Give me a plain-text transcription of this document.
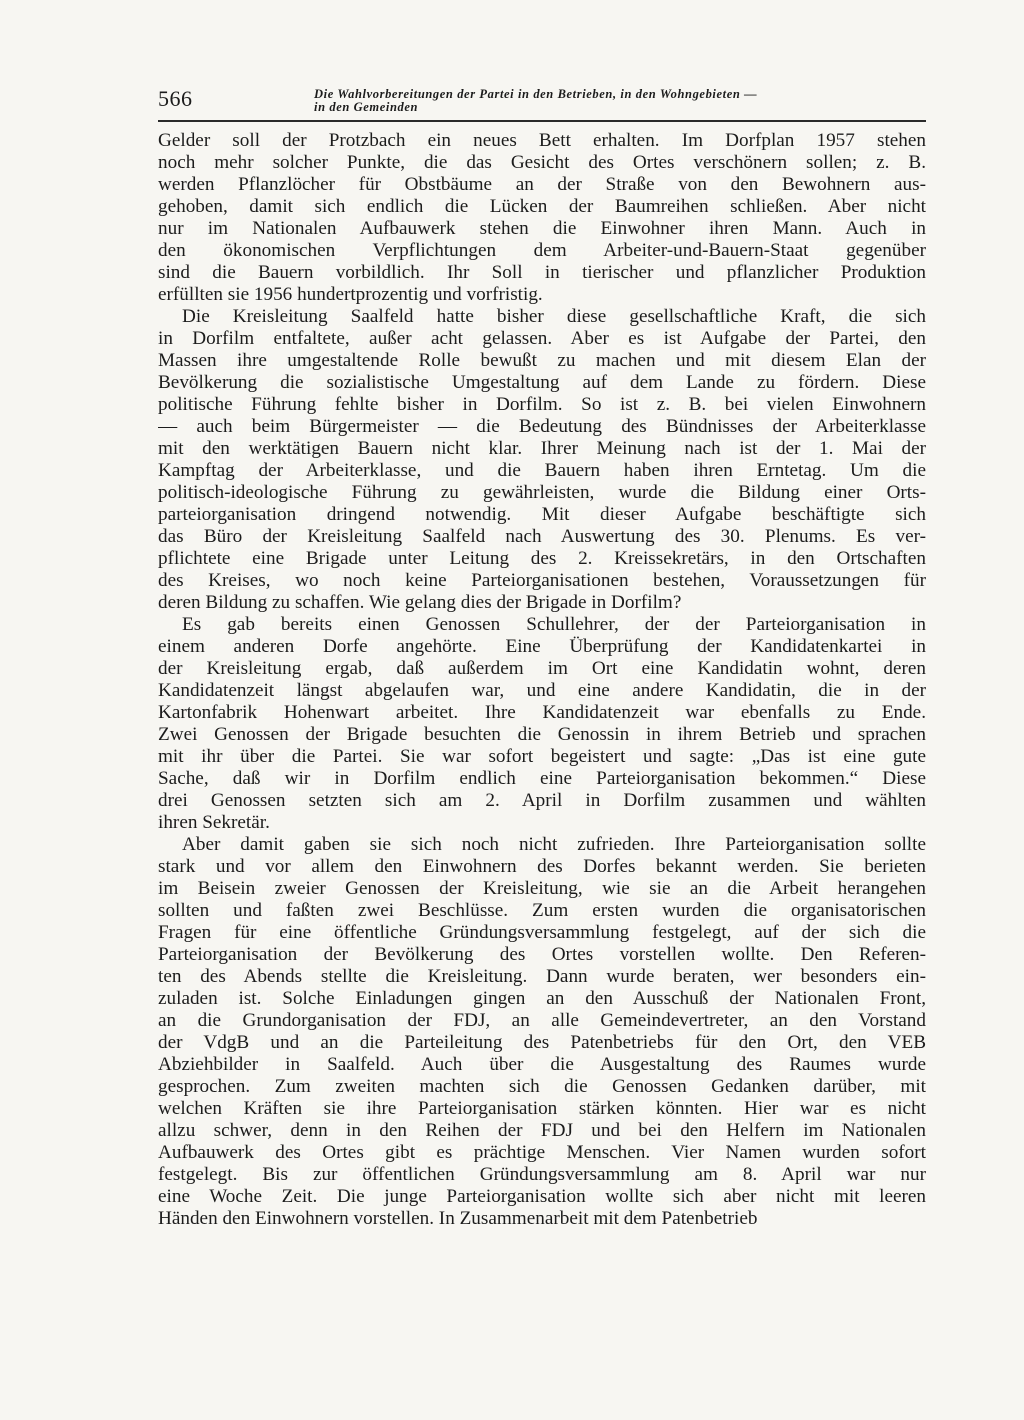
566	Die Wahlvorbereitungen der Partei in den Betrieben, in den Wohngebieten —
in den Gemeinden
Gelder soll der Protzbach ein neues Bett erhalten. Im Dorfplan 1957 stehen
noch mehr solcher Punkte, die das Gesicht des Ortes verschönern sollen; z. B.
werden Pflanzlöcher für Obstbäume an der Straße von den Bewohnern aus-
gehoben, damit sich endlich die Lücken der Baumreihen schließen. Aber nicht
nur im Nationalen Aufbauwerk stehen die Einwohner ihren Mann. Auch in
den ökonomischen Verpflichtungen dem Arbeiter-und-Bauern-Staat gegenüber
sind die Bauern vorbildlich. Ihr Soll in tierischer und pflanzlicher Produktion
erfüllten sie 1956 hundertprozentig und vorfristig.
Die Kreisleitung Saalfeld hatte bisher diese gesellschaftliche Kraft, die sich
in Dorfilm entfaltete, außer acht gelassen. Aber es ist Aufgabe der Partei, den
Massen ihre umgestaltende Rolle bewußt zu machen und mit diesem Elan der
Bevölkerung die sozialistische Umgestaltung auf dem Lande zu fördern. Diese
politische Führung fehlte bisher in Dorfilm. So ist z. B. bei vielen Einwohnern
— auch beim Bürgermeister — die Bedeutung des Bündnisses der Arbeiterklasse
mit den werktätigen Bauern nicht klar. Ihrer Meinung nach ist der 1. Mai der
Kampftag der Arbeiterklasse, und die Bauern haben ihren Erntetag. Um die
politisch-ideologische Führung zu gewährleisten, wurde die Bildung einer Orts-
parteiorganisation dringend notwendig. Mit dieser Aufgabe beschäftigte sich
das Büro der Kreisleitung Saalfeld nach Auswertung des 30. Plenums. Es ver-
pflichtete eine Brigade unter Leitung des 2. Kreissekretärs, in den Ortschaften
des Kreises, wo noch keine Parteiorganisationen bestehen, Voraussetzungen für
deren Bildung zu schaffen. Wie gelang dies der Brigade in Dorfilm?
Es gab bereits einen Genossen Schullehrer, der der Parteiorganisation in
einem anderen Dorfe angehörte. Eine Überprüfung der Kandidatenkartei in
der Kreisleitung ergab, daß außerdem im Ort eine Kandidatin wohnt, deren
Kandidatenzeit längst abgelaufen war, und eine andere Kandidatin, die in der
Kartonfabrik Hohenwart arbeitet. Ihre Kandidatenzeit war ebenfalls zu Ende.
Zwei Genossen der Brigade besuchten die Genossin in ihrem Betrieb und sprachen
mit ihr über die Partei. Sie war sofort begeistert und sagte: „Das ist eine gute
Sache, daß wir in Dorfilm endlich eine Parteiorganisation bekommen.“ Diese
drei Genossen setzten sich am 2. April in Dorfilm zusammen und wählten
ihren Sekretär.
Aber damit gaben sie sich noch nicht zufrieden. Ihre Parteiorganisation sollte
stark und vor allem den Einwohnern des Dorfes bekannt werden. Sie berieten
im Beisein zweier Genossen der Kreisleitung, wie sie an die Arbeit herangehen
sollten und faßten zwei Beschlüsse. Zum ersten wurden die organisatorischen
Fragen für eine öffentliche Gründungsversammlung festgelegt, auf der sich die
Parteiorganisation der Bevölkerung des Ortes vorstellen wollte. Den Referen-
ten des Abends stellte die Kreisleitung. Dann wurde beraten, wer besonders ein-
zuladen ist. Solche Einladungen gingen an den Ausschuß der Nationalen Front,
an die Grundorganisation der FDJ, an alle Gemeindevertreter, an den Vorstand
der VdgB und an die Parteileitung des Patenbetriebs für den Ort, den VEB
Abziehbilder in Saalfeld. Auch über die Ausgestaltung des Raumes wurde
gesprochen. Zum zweiten machten sich die Genossen Gedanken darüber, mit
welchen Kräften sie ihre Parteiorganisation stärken könnten. Hier war es nicht
allzu schwer, denn in den Reihen der FDJ und bei den Helfern im Nationalen
Aufbauwerk des Ortes gibt es prächtige Menschen. Vier Namen wurden sofort
festgelegt. Bis zur öffentlichen Gründungsversammlung am 8. April war nur
eine Woche Zeit. Die junge Parteiorganisation wollte sich aber nicht mit leeren
Händen den Einwohnern vorstellen. In Zusammenarbeit mit dem Patenbetrieb
